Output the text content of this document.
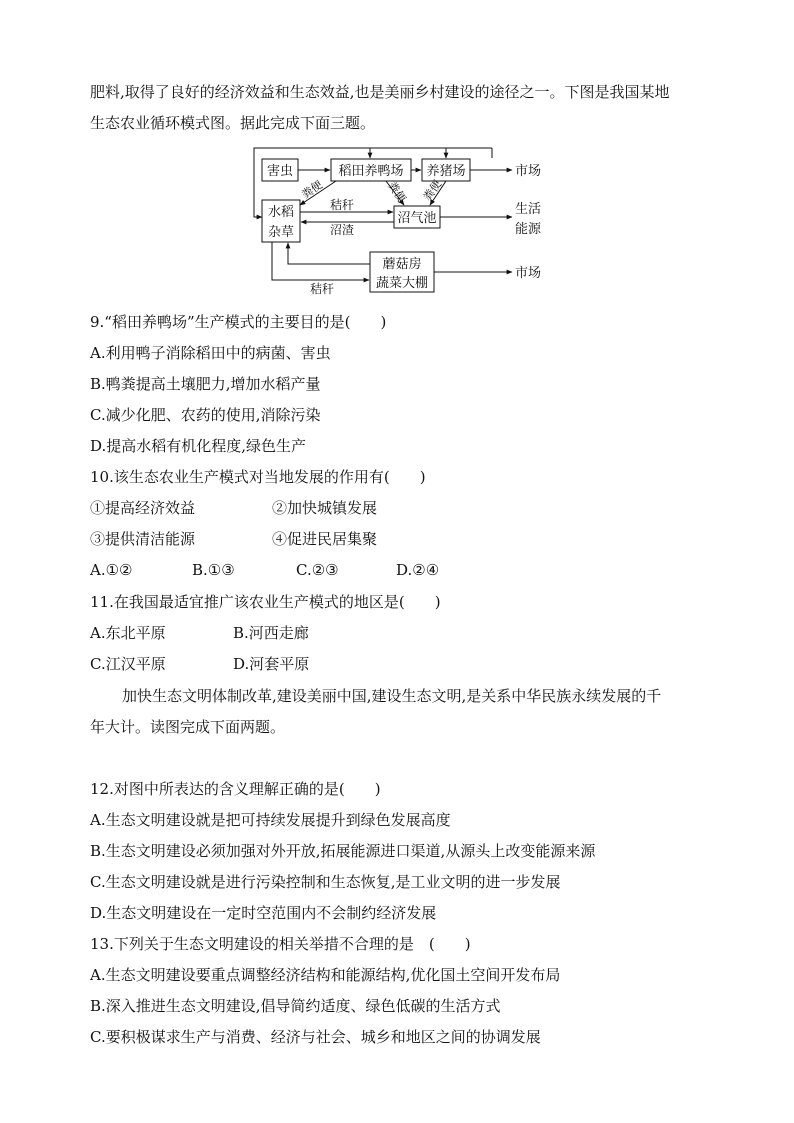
肥料,取得了良好的经济效益和生态效益,也是美丽乡村建设的途径之一。下图是我国某地
生态农业循环模式图。据此完成下面三题。
害虫	稻田养鸭场 养猪场
水稻
杂草
沼气池
蘑菇房
蔬菜大棚
市场
生活
能源
市场
秸秆
沼渣
秸秆
粪便	粪便 粪便
9.“稻田养鸭场”生产模式的主要目的是(　　)
A.利用鸭子消除稻田中的病菌、害虫
B.鸭粪提高土壤肥力,增加水稻产量
C.减少化肥、农药的使用,消除污染
D.提高水稻有机化程度,绿色生产
10.该生态农业生产模式对当地发展的作用有(　　)
①提高经济效益	②加快城镇发展
③提供清洁能源	④促进民居集聚
A.①②	B.①③	C.②③	D.②④
11.在我国最适宜推广该农业生产模式的地区是(　　)
A.东北平原	B.河西走廊
C.江汉平原	D.河套平原
加快生态文明体制改革,建设美丽中国,建设生态文明,是关系中华民族永续发展的千
年大计。读图完成下面两题。
12.对图中所表达的含义理解正确的是(　　)
A.生态文明建设就是把可持续发展提升到绿色发展高度
B.生态文明建设必须加强对外开放,拓展能源进口渠道,从源头上改变能源来源
C.生态文明建设就是进行污染控制和生态恢复,是工业文明的进一步发展
D.生态文明建设在一定时空范围内不会制约经济发展
13.下列关于生态文明建设的相关举措不合理的是　(　　)
A.生态文明建设要重点调整经济结构和能源结构,优化国土空间开发布局
B.深入推进生态文明建设,倡导简约适度、绿色低碳的生活方式
C.要积极谋求生产与消费、经济与社会、城乡和地区之间的协调发展
